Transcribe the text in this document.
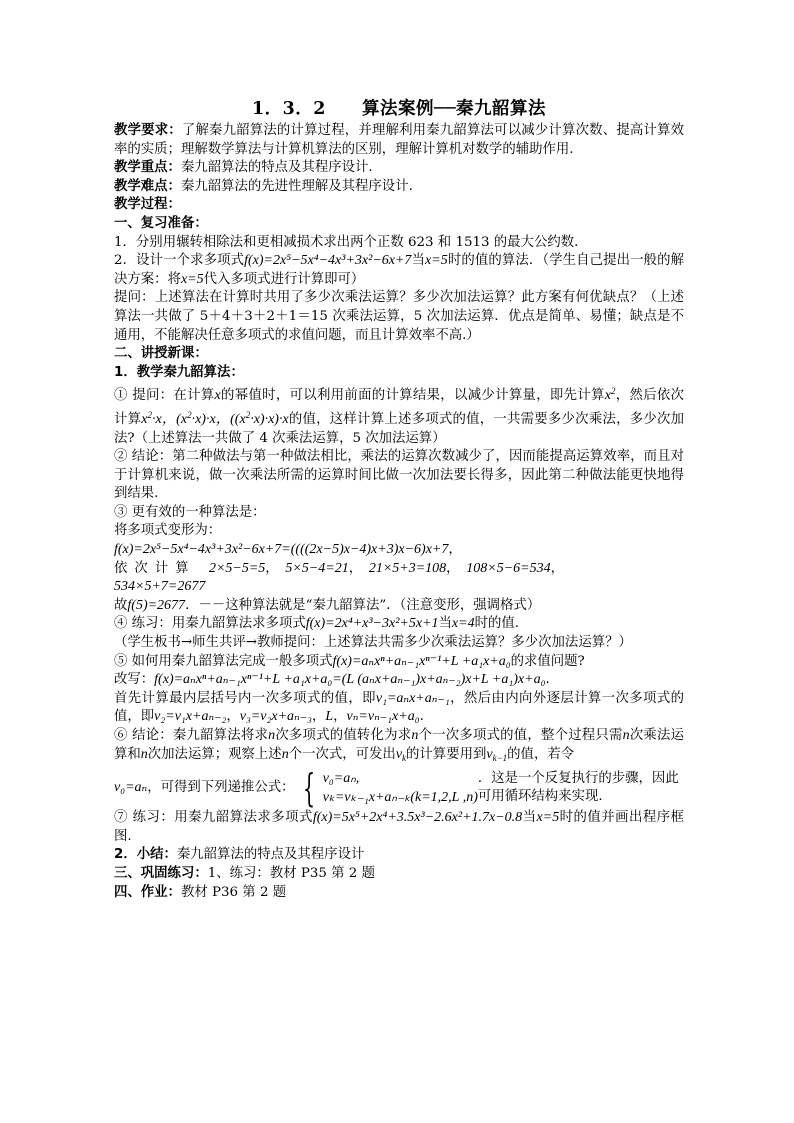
1．3．2　　算法案例──秦九韶算法

教学要求：了解秦九韶算法的计算过程，并理解利用秦九韶算法可以减少计算次数、提高计算效率的实质；理解数学算法与计算机算法的区别，理解计算机对数学的辅助作用.

教学重点：秦九韶算法的特点及其程序设计.

教学难点：秦九韶算法的先进性理解及其程序设计.

教学过程：

一、复习准备：

1．分别用辗转相除法和更相减损术求出两个正数 623 和 1513 的最大公约数.

2．设计一个求多项式f(x)=2x⁵−5x⁴−4x³+3x²−6x+7当x=5时的值的算法．（学生自己提出一般的解决方案：将x=5代入多项式进行计算即可）

提问：上述算法在计算时共用了多少次乘法运算？多少次加法运算？此方案有何优缺点？（上述算法一共做了 5＋4＋3＋2＋1＝15 次乘法运算，5 次加法运算．优点是简单、易懂；缺点是不通用，不能解决任意多项式的求值问题，而且计算效率不高.）

二、讲授新课：

1．教学秦九韶算法：

① 提问：在计算x的幂值时，可以利用前面的计算结果，以减少计算量，即先计算$x^2$，然后依次计算$x^2\cdot x$，$(x^2\cdot x)\cdot x$，$((x^2\cdot x)\cdot x)\cdot x$的值，这样计算上述多项式的值，一共需要多少次乘法，多少次加法?（上述算法一共做了 4 次乘法运算，5 次加法运算）

② 结论：第二种做法与第一种做法相比，乘法的运算次数减少了，因而能提高运算效率，而且对于计算机来说，做一次乘法所需的运算时间比做一次加法要长得多，因此第二种做法能更快地得到结果.

③ 更有效的一种算法是：

将多项式变形为：

f(x)=2x⁵−5x⁴−4x³+3x²−6x+7=((((2x−5)x−4)x+3)x−6)x+7，

依次计算　 2×5−5=5，　5×5−4=21，　21×5+3=108，　108×5−6=534，
534×5+7=2677

故f(5)=2677．－－这种算法就是“秦九韶算法”．（注意变形，强调格式）

④ 练习：用秦九韶算法求多项式f(x)=2x⁴+x³−3x²+5x+1当x=4时的值.

（学生板书→师生共评→教师提问：上述算法共需多少次乘法运算？多少次加法运算？）

⑤ 如何用秦九韶算法完成一般多项式f(x)=aₙxⁿ+aₙ₋₁xⁿ⁻¹+L +a₁x+a₀的求值问题?

改写：f(x)=aₙxⁿ+aₙ₋₁xⁿ⁻¹+L +a₁x+a₀=(L (aₙx+aₙ₋₁)x+aₙ₋₂)x+L +a₁)x+a₀.

首先计算最内层括号内一次多项式的值，即v₁=aₙx+aₙ₋₁，然后由内向外逐层计算一次多项式的值，即v₂=v₁x+aₙ₋₂，v₃=v₂x+aₙ₋₃，L，vₙ=vₙ₋₁x+a₀.

⑥ 结论：秦九韶算法将求n次多项式的值转化为求n个一次多项式的值，整个过程只需n次乘法运算和n次加法运算；观察上述n个一次式，可发出$v_k$的计算要用到$v_{k-1}$的值，若令

v₀=aₙ ，可得到下列递推公式： { v₀=aₙ,
vₖ=vₖ₋₁x+aₙ₋ₖ(k=1,2,L ,n)
．这是一个反复执行的步骤，因此可用循环结构来实现.

⑦ 练习：用秦九韶算法求多项式f(x)=5x⁵+2x⁴+3.5x³−2.6x²+1.7x−0.8当x=5时的值并画出程序框图.

2．小结：秦九韶算法的特点及其程序设计

三、巩固练习：1、练习：教材 P35 第 2 题

四、作业：教材 P36 第 2 题
